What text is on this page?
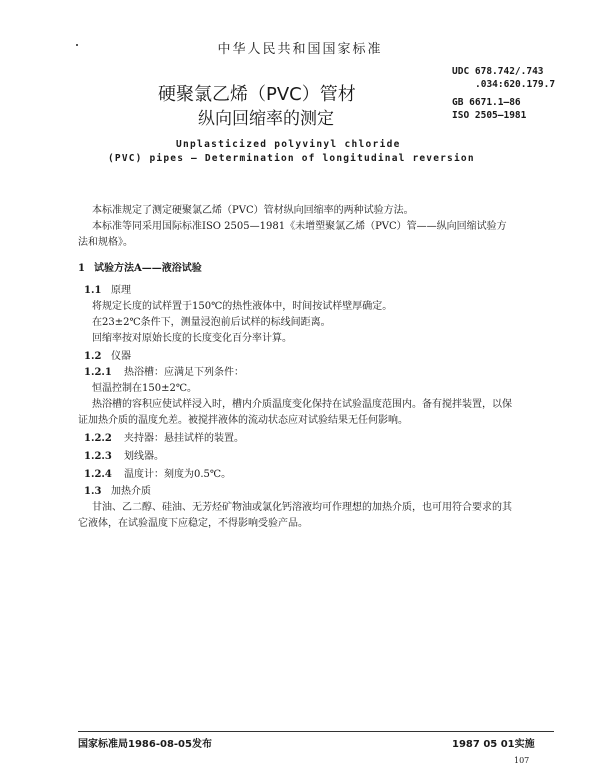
中华人民共和国国家标准
硬聚氯乙烯（PVC）管材
纵向回缩率的测定
UDC 678.742/.743
.034:620.179.7
GB 6671.1—86
ISO 2505—1981
Unplasticized polyvinyl chloride
(PVC) pipes — Determination of longitudinal reversion
本标准规定了测定硬聚氯乙烯（PVC）管材纵向回缩率的两种试验方法。
本标准等同采用国际标准ISO 2505—1981《未增塑聚氯乙烯（PVC）管——纵向回缩试验方
法和规格》。
1 试验方法A——液浴试验
1.1 原理
将规定长度的试样置于150℃的热性液体中，时间按试样壁厚确定。
在23±2℃条件下，测量浸泡前后试样的标线间距离。
回缩率按对原始长度的长度变化百分率计算。
1.2 仪器
1.2.1 热浴槽：应满足下列条件：
恒温控制在150±2℃。
热浴槽的容积应使试样浸入时，槽内介质温度变化保持在试验温度范围内。备有搅拌装置，以保
证加热介质的温度允差。被搅拌液体的流动状态应对试验结果无任何影响。
1.2.2 夹持器：悬挂试样的装置。
1.2.3 划线器。
1.2.4 温度计：刻度为0.5℃。
1.3 加热介质
甘油、乙二醇、硅油、无芳烃矿物油或氯化钙溶液均可作理想的加热介质，也可用符合要求的其
它液体，在试验温度下应稳定，不得影响受验产品。
国家标准局1986-08-05发布	1987 05 01实施
107
